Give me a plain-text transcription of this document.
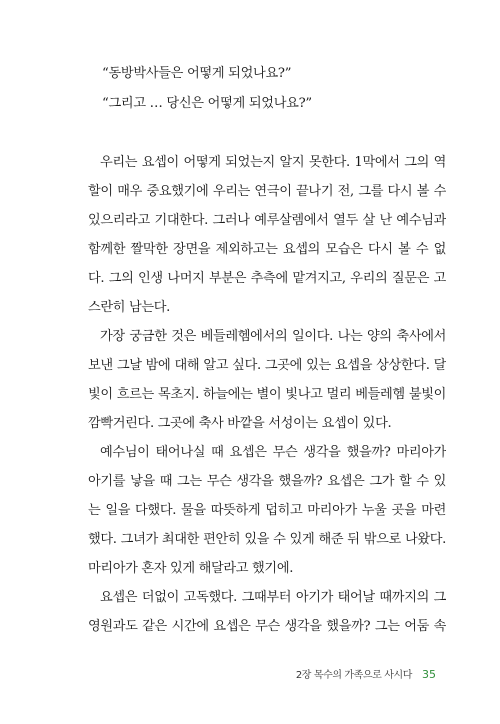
“동방박사들은 어떻게 되었나요?”
“그리고 … 당신은 어떻게 되었나요?”
우리는 요셉이 어떻게 되었는지 알지 못한다. 1막에서 그의 역
할이 매우 중요했기에 우리는 연극이 끝나기 전, 그를 다시 볼 수
있으리라고 기대한다. 그러나 예루살렘에서 열두 살 난 예수님과
함께한 짤막한 장면을 제외하고는 요셉의 모습은 다시 볼 수 없
다. 그의 인생 나머지 부분은 추측에 맡겨지고, 우리의 질문은 고
스란히 남는다.
가장 궁금한 것은 베들레헴에서의 일이다. 나는 양의 축사에서
보낸 그날 밤에 대해 알고 싶다. 그곳에 있는 요셉을 상상한다. 달
빛이 흐르는 목초지. 하늘에는 별이 빛나고 멀리 베들레헴 불빛이
깜빡거린다. 그곳에 축사 바깥을 서성이는 요셉이 있다.
예수님이 태어나실 때 요셉은 무슨 생각을 했을까? 마리아가
아기를 낳을 때 그는 무슨 생각을 했을까? 요셉은 그가 할 수 있
는 일을 다했다. 물을 따뜻하게 덥히고 마리아가 누울 곳을 마련
했다. 그녀가 최대한 편안히 있을 수 있게 해준 뒤 밖으로 나왔다.
마리아가 혼자 있게 해달라고 했기에.
요셉은 더없이 고독했다. 그때부터 아기가 태어날 때까지의 그
영원과도 같은 시간에 요셉은 무슨 생각을 했을까? 그는 어둠 속
2장 목수의 가족으로 사시다 35
